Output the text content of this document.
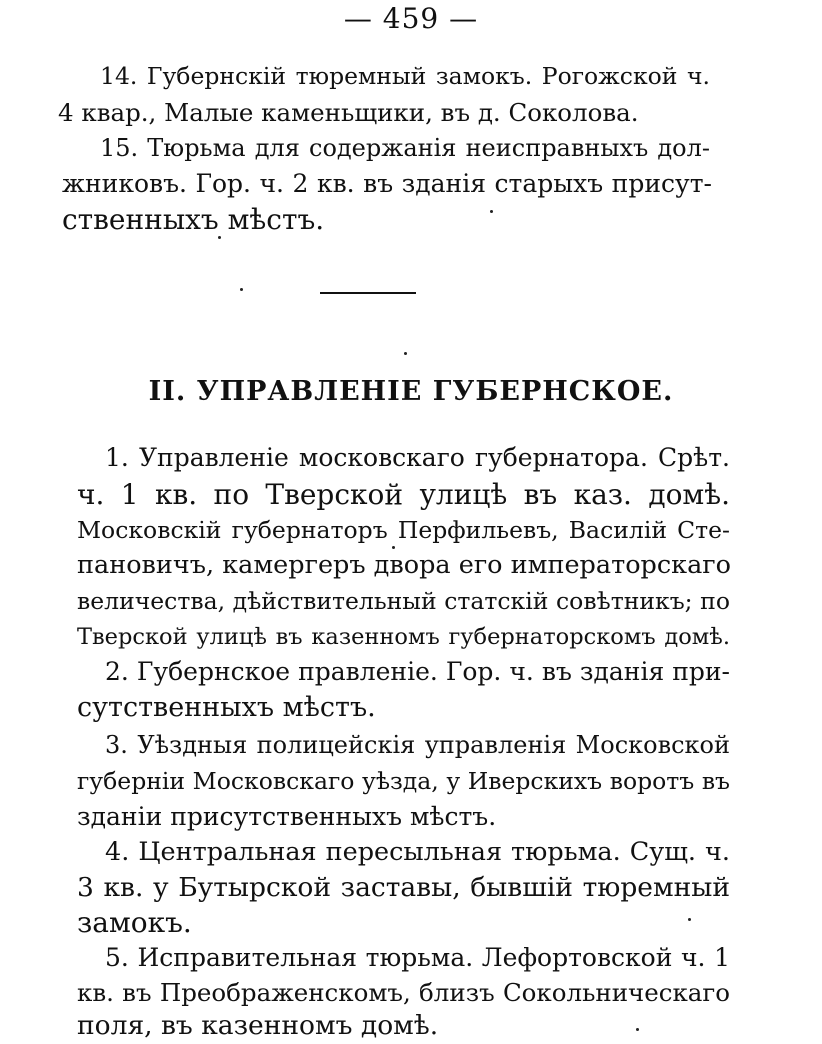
— 459 —
14. Губернскій тюремный замокъ. Рогожской ч.
4 квар., Малые каменьщики, въ д. Соколова.
15. Тюрьма для содержанія неисправныхъ дол-
жниковъ. Гор. ч. 2 кв. въ зданія старыхъ присут-
ственныхъ мѣстъ.
II. УПРАВЛЕНІЕ ГУБЕРНСКОЕ.
1. Управленіе московскаго губернатора. Срѣт.
ч. 1 кв. по Тверской улицѣ въ каз. домѣ.
Московскій губернаторъ Перфильевъ, Василій Сте-
пановичъ, камергеръ двора его императорскаго
величества, дѣйствительный статскій совѣтникъ; по
Тверской улицѣ въ казенномъ губернаторскомъ домѣ.
2. Губернское правленіе. Гор. ч. въ зданія при-
сутственныхъ мѣстъ.
3. Уѣздныя полицейскія управленія Московской
губерніи Московскаго уѣзда, у Иверскихъ воротъ въ
зданіи присутственныхъ мѣстъ.
4. Центральная пересыльная тюрьма. Сущ. ч.
3 кв. у Бутырской заставы, бывшій тюремный
замокъ.
5. Исправительная тюрьма. Лефортовской ч. 1
кв. въ Преображенскомъ, близъ Сокольническаго
поля, въ казенномъ домѣ.
